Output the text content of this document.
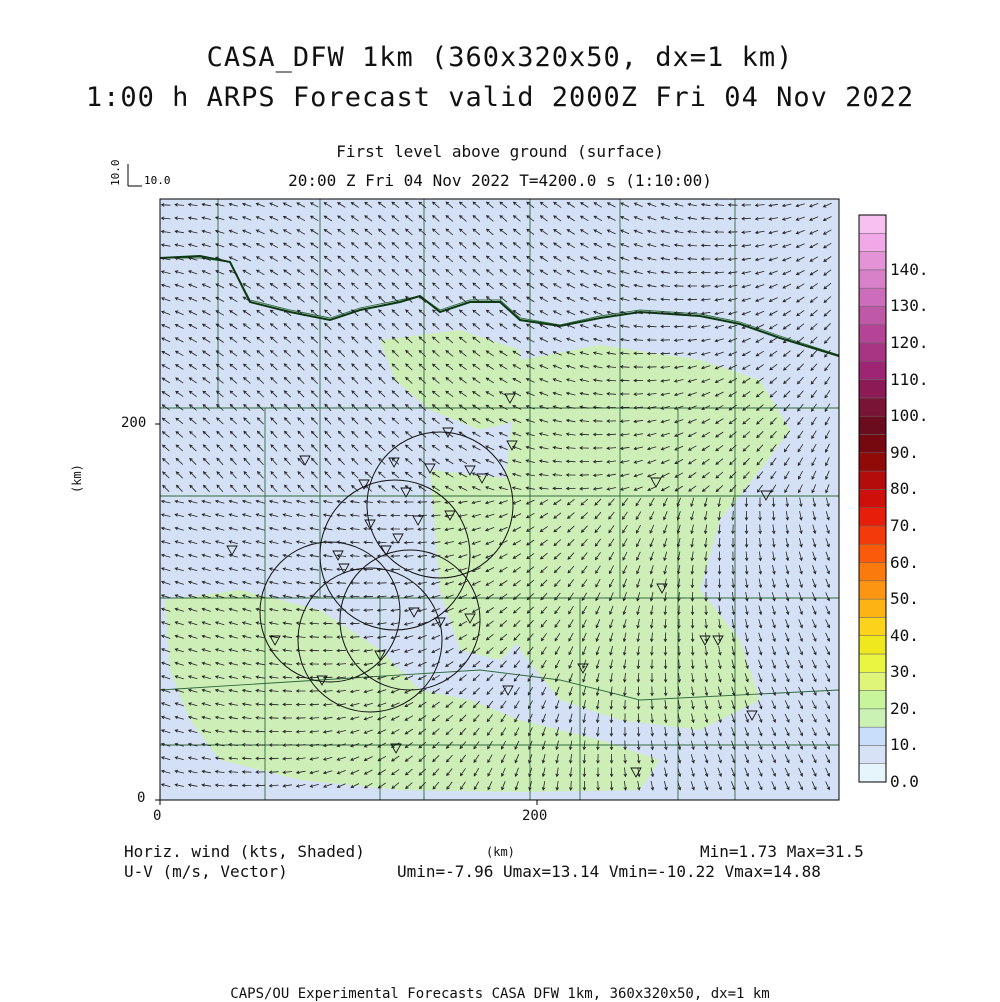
CASA_DFW 1km (360x320x50, dx=1 km)
1:00 h ARPS Forecast valid 2000Z Fri 04 Nov 2022
First level above ground (surface)
20:00 Z Fri 04 Nov 2022 T=4200.0 s (1:10:00)
10.0 10.0
0
200
0	200
(km)
(km)
0.0
10.
20.
30.
40.
50.
60.
70.
80.
90.
100.
110.
120.
130.
140.
Horiz. wind (kts, Shaded)
U-V (m/s, Vector)
Min=1.73 Max=31.5
Umin=-7.96 Umax=13.14 Vmin=-10.22 Vmax=14.88
CAPS/OU Experimental Forecasts CASA DFW 1km, 360x320x50, dx=1 km
